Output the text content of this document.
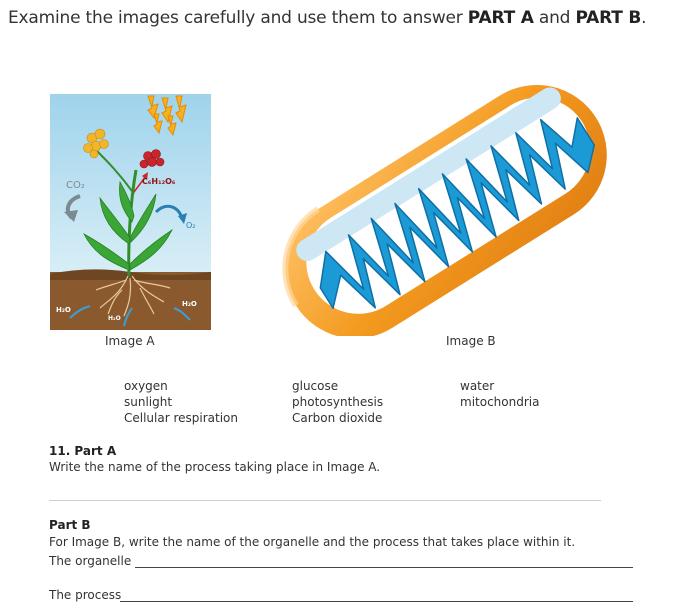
Examine the images carefully and use them to answer PART A and PART B.
CO₂	C₆H₁₂O₆
O₂
H₂O
H₂O
H₂O
Image A	Image B
oxygen
sunlight
Cellular respiration
glucose
photosynthesis
Carbon dioxide
water
mitochondria
11. Part A
Write the name of the process taking place in Image A.
Part B
For Image B, write the name of the organelle and the process that takes place within it.
The organelle
The process
